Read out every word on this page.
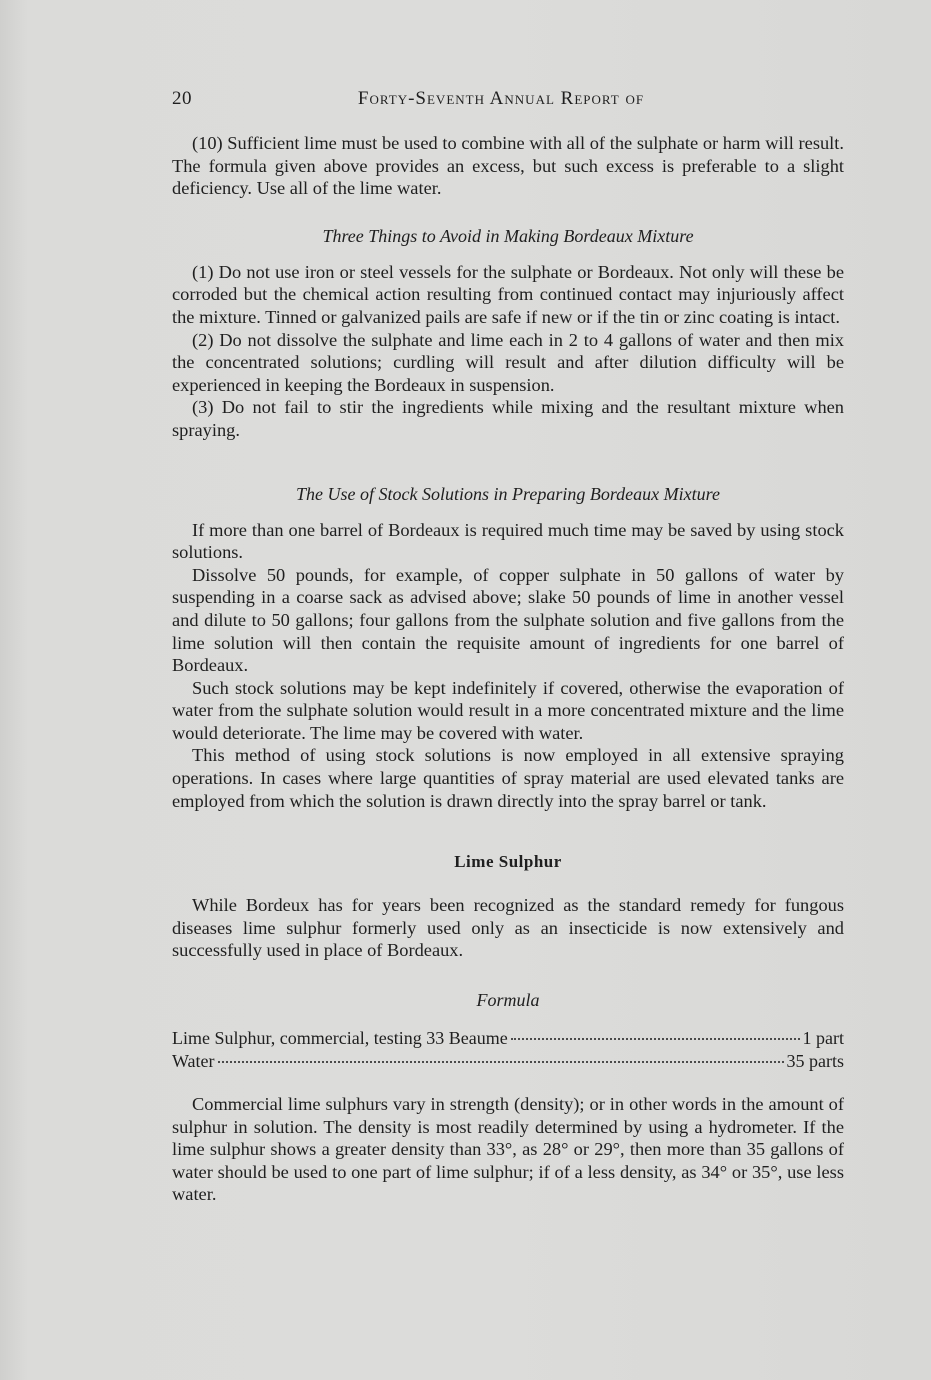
20	Forty-Seventh Annual Report of

(10) Sufficient lime must be used to combine with all of the sulphate or harm will result. The formula given above provides an excess, but such excess is preferable to a slight deficiency. Use all of the lime water.

Three Things to Avoid in Making Bordeaux Mixture

(1) Do not use iron or steel vessels for the sulphate or Bordeaux. Not only will these be corroded but the chemical action resulting from continued contact may injuriously affect the mixture. Tinned or galvanized pails are safe if new or if the tin or zinc coating is intact.

(2) Do not dissolve the sulphate and lime each in 2 to 4 gallons of water and then mix the concentrated solutions; curdling will result and after dilution difficulty will be experienced in keeping the Bordeaux in suspension.

(3) Do not fail to stir the ingredients while mixing and the resultant mixture when spraying.

The Use of Stock Solutions in Preparing Bordeaux Mixture

If more than one barrel of Bordeaux is required much time may be saved by using stock solutions.

Dissolve 50 pounds, for example, of copper sulphate in 50 gallons of water by suspending in a coarse sack as advised above; slake 50 pounds of lime in another vessel and dilute to 50 gallons; four gallons from the sulphate solution and five gallons from the lime solution will then contain the requisite amount of ingredients for one barrel of Bordeaux.

Such stock solutions may be kept indefinitely if covered, otherwise the evaporation of water from the sulphate solution would result in a more concentrated mixture and the lime would deteriorate. The lime may be covered with water.

This method of using stock solutions is now employed in all extensive spraying operations. In cases where large quantities of spray material are used elevated tanks are employed from which the solution is drawn directly into the spray barrel or tank.

Lime Sulphur

While Bordeux has for years been recognized as the standard remedy for fungous diseases lime sulphur formerly used only as an insecticide is now extensively and successfully used in place of Bordeaux.

Formula
Lime Sulphur, commercial, testing 33 Beaume	1 part
Water	35 parts

Commercial lime sulphurs vary in strength (density); or in other words in the amount of sulphur in solution. The density is most readily determined by using a hydrometer. If the lime sulphur shows a greater density than 33°, as 28° or 29°, then more than 35 gallons of water should be used to one part of lime sulphur; if of a less density, as 34° or 35°, use less water.
